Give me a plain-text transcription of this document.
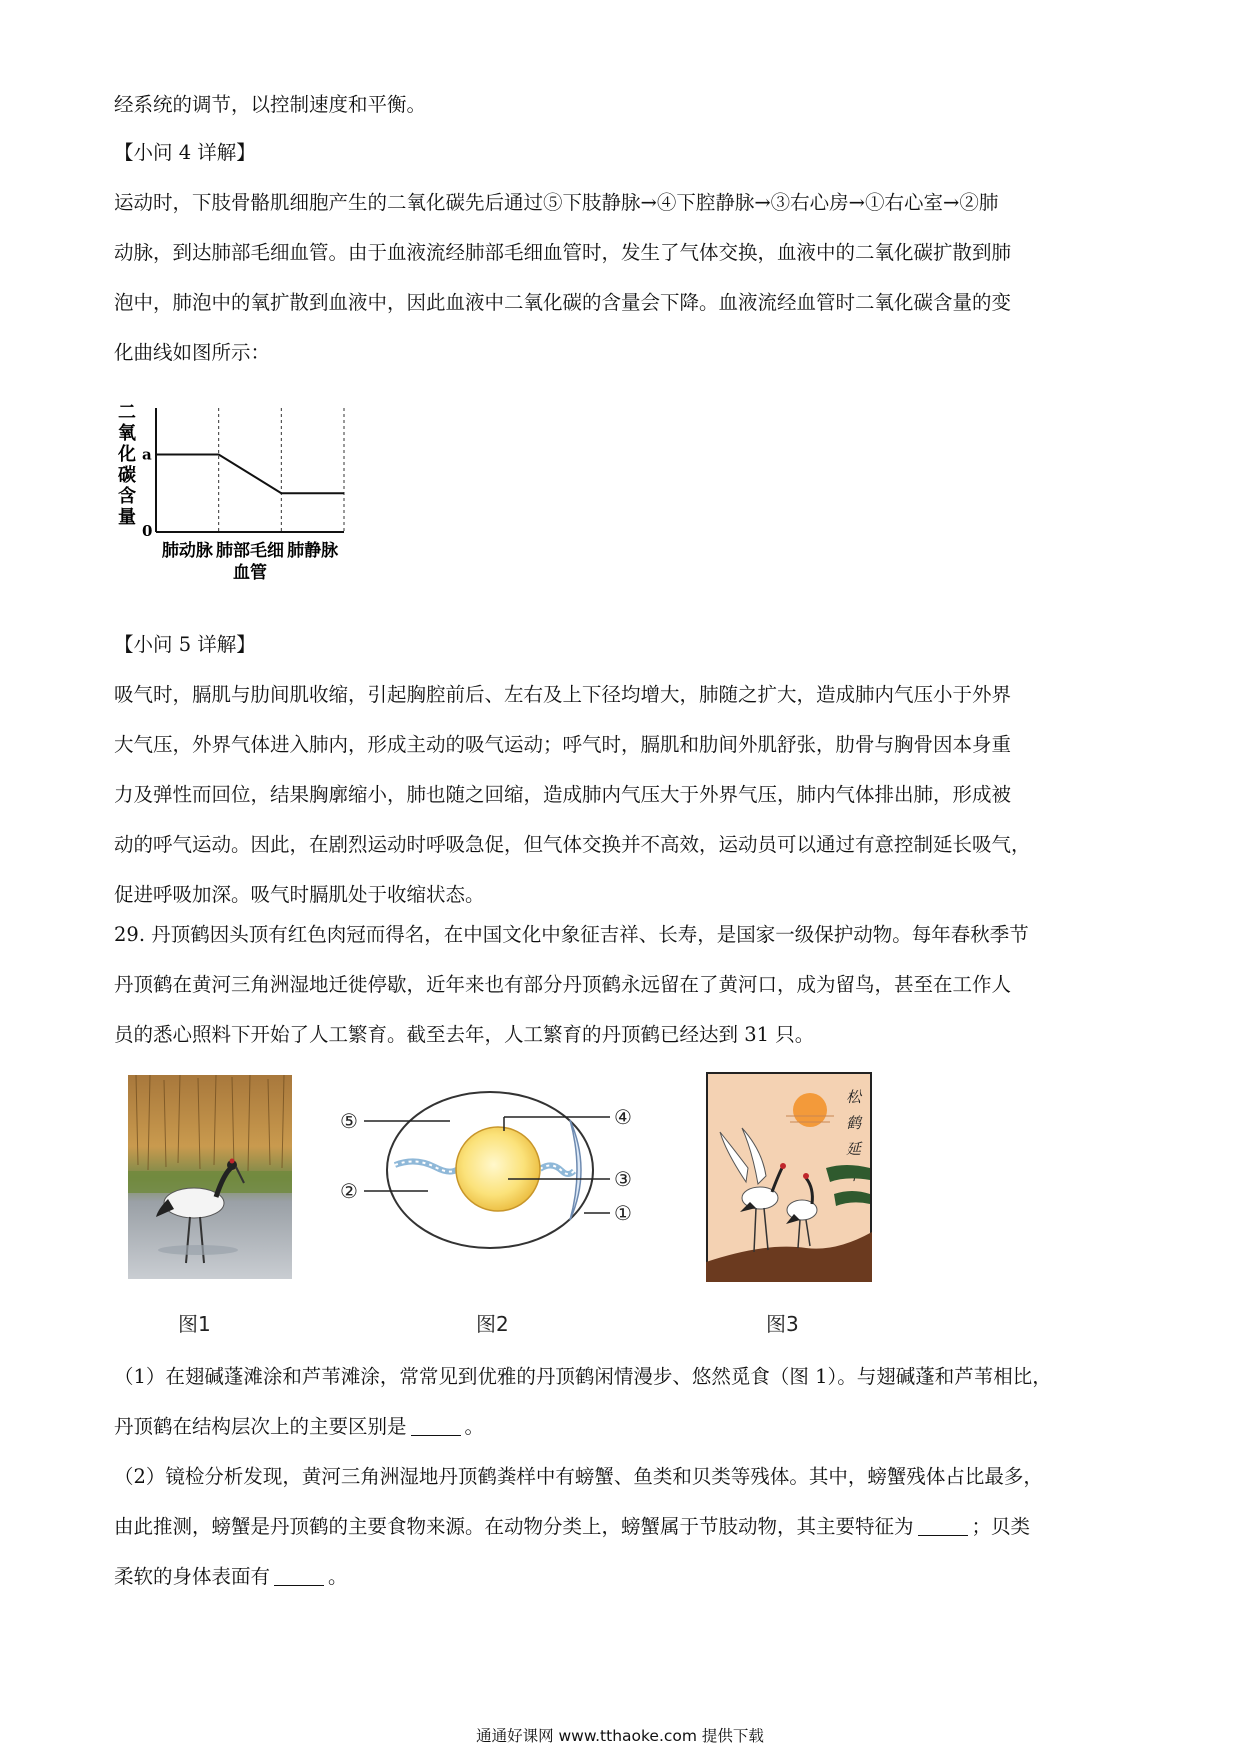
经系统的调节，以控制速度和平衡。

【小问 4 详解】

运动时，下肢骨骼肌细胞产生的二氧化碳先后通过⑤下肢静脉→④下腔静脉→③右心房→①右心室→②肺

动脉，到达肺部毛细血管。由于血液流经肺部毛细血管时，发生了气体交换，血液中的二氧化碳扩散到肺

泡中，肺泡中的氧扩散到血液中，因此血液中二氧化碳的含量会下降。血液流经血管时二氧化碳含量的变

化曲线如图所示：

a
0
二
氧
化
碳
含
量
肺动脉 肺部毛细
血管
肺静脉

【小问 5 详解】

吸气时，膈肌与肋间肌收缩，引起胸腔前后、左右及上下径均增大，肺随之扩大，造成肺内气压小于外界

大气压，外界气体进入肺内，形成主动的吸气运动；呼气时，膈肌和肋间外肌舒张，肋骨与胸骨因本身重

力及弹性而回位，结果胸廓缩小，肺也随之回缩，造成肺内气压大于外界气压，肺内气体排出肺，形成被

动的呼气运动。因此，在剧烈运动时呼吸急促，但气体交换并不高效，运动员可以通过有意控制延长吸气，

促进呼吸加深。吸气时膈肌处于收缩状态。

29. 丹顶鹤因头顶有红色肉冠而得名，在中国文化中象征吉祥、长寿，是国家一级保护动物。每年春秋季节

丹顶鹤在黄河三角洲湿地迁徙停歇，近年来也有部分丹顶鹤永远留在了黄河口，成为留鸟，甚至在工作人

员的悉心照料下开始了人工繁育。截至去年，人工繁育的丹顶鹤已经达到 31 只。

图1
⑤
②
④
③
①
图2
松
鹤
延
图3

（1）在翅碱蓬滩涂和芦苇滩涂，常常见到优雅的丹顶鹤闲情漫步、悠然觅食（图 1）。与翅碱蓬和芦苇相比，

丹顶鹤在结构层次上的主要区别是	。

（2）镜检分析发现，黄河三角洲湿地丹顶鹤粪样中有螃蟹、鱼类和贝类等残体。其中，螃蟹残体占比最多，

由此推测，螃蟹是丹顶鹤的主要食物来源。在动物分类上，螃蟹属于节肢动物，其主要特征为	；贝类

柔软的身体表面有	。

通通好课网 www.tthaoke.com 提供下载
